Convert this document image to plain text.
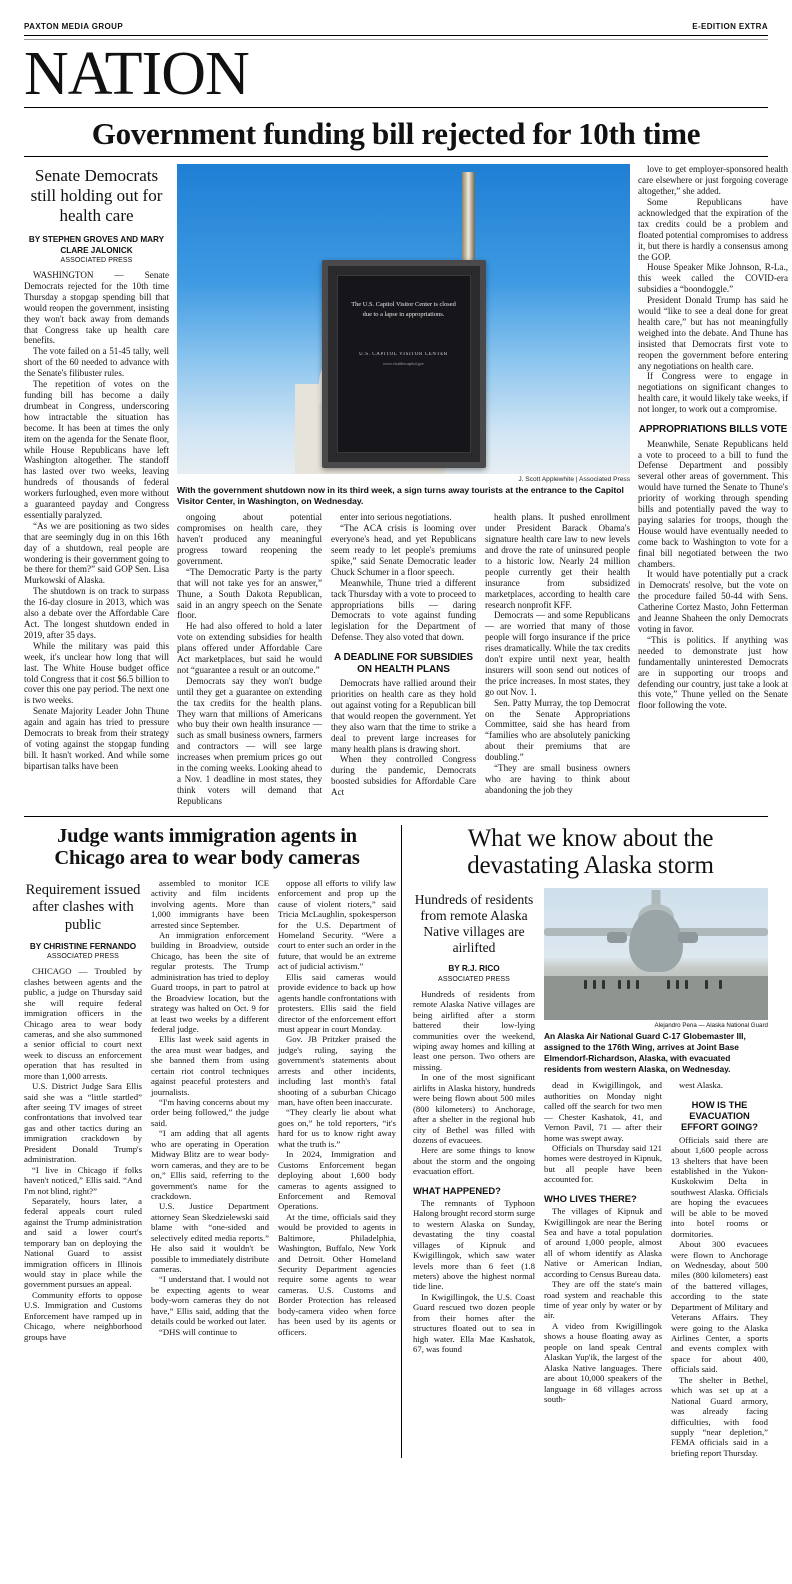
PAXTON MEDIA GROUP	E-EDITION EXTRA
NATION
Government funding bill rejected for 10th time
Senate Democrats still holding out for health care
BY STEPHEN GROVES AND MARY CLARE JALONICK
ASSOCIATED PRESS

WASHINGTON — Senate Democrats rejected for the 10th time Thursday a stopgap spending bill that would reopen the government, insisting they won't back away from demands that Congress take up health care benefits.

The vote failed on a 51-45 tally, well short of the 60 needed to advance with the Senate's filibuster rules.

The repetition of votes on the funding bill has become a daily drumbeat in Congress, underscoring how intractable the situation has become. It has been at times the only item on the agenda for the Senate floor, while House Republicans have left Washington altogether. The standoff has lasted over two weeks, leaving hundreds of thousands of federal workers furloughed, even more without a guaranteed payday and Congress essentially paralyzed.

“As we are positioning as two sides that are seemingly dug in on this 16th day of a shutdown, real people are wondering is their government going to be there for them?” said GOP Sen. Lisa Murkowski of Alaska.

The shutdown is on track to surpass the 16-day closure in 2013, which was also a debate over the Affordable Care Act. The longest shutdown ended in 2019, after 35 days.

While the military was paid this week, it's unclear how long that will last. The White House budget office told Congress that it cost $6.5 billion to cover this one pay period. The next one is two weeks.

Senate Majority Leader John Thune again and again has tried to pressure Democrats to break from their strategy of voting against the stopgap funding bill. It hasn't worked. And while some bipartisan talks have been

The U.S. Capitol Visitor Center is closed due to a lapse in appropriations.
U.S. CAPITOL VISITOR CENTER
www.visitthecapitol.gov
J. Scott Applewhite | Associated Press
With the government shutdown now in its third week, a sign turns away tourists at the entrance to the Capitol Visitor Center, in Washington, on Wednesday.

ongoing about potential compromises on health care, they haven't produced any meaningful progress toward reopening the government.

“The Democratic Party is the party that will not take yes for an answer,” Thune, a South Dakota Republican, said in an angry speech on the Senate floor.

He had also offered to hold a later vote on extending subsidies for health plans offered under Affordable Care Act marketplaces, but said he would not “guarantee a result or an outcome.”

Democrats say they won't budge until they get a guarantee on extending the tax credits for the health plans. They warn that millions of Americans who buy their own health insurance — such as small business owners, farmers and contractors — will see large increases when premium prices go out in the coming weeks. Looking ahead to a Nov. 1 deadline in most states, they think voters will demand that Republicans

enter into serious negotiations.

“The ACA crisis is looming over everyone's head, and yet Republicans seem ready to let people's premiums spike,” said Senate Democratic leader Chuck Schumer in a floor speech.

Meanwhile, Thune tried a different tack Thursday with a vote to proceed to appropriations bills — daring Democrats to vote against funding legislation for the Department of Defense. They also voted that down.

A DEADLINE FOR SUBSIDIES ON HEALTH PLANS

Democrats have rallied around their priorities on health care as they hold out against voting for a Republican bill that would reopen the government. Yet they also warn that the time to strike a deal to prevent large increases for many health plans is drawing short.

When they controlled Congress during the pandemic, Democrats boosted subsidies for Affordable Care Act

health plans. It pushed enrollment under President Barack Obama's signature health care law to new levels and drove the rate of uninsured people to a historic low. Nearly 24 million people currently get their health insurance from subsidized marketplaces, according to health care research nonprofit KFF.

Democrats — and some Republicans — are worried that many of those people will forgo insurance if the price rises dramatically. While the tax credits don't expire until next year, health insurers will soon send out notices of the price increases. In most states, they go out Nov. 1.

Sen. Patty Murray, the top Democrat on the Senate Appropriations Committee, said she has heard from “families who are absolutely panicking about their premiums that are doubling.”

“They are small business owners who are having to think about abandoning the job they

love to get employer-sponsored health care elsewhere or just forgoing coverage altogether,” she added.

Some Republicans have acknowledged that the expiration of the tax credits could be a problem and floated potential compromises to address it, but there is hardly a consensus among the GOP.

House Speaker Mike Johnson, R-La., this week called the COVID-era subsidies a “boondoggle.”

President Donald Trump has said he would “like to see a deal done for great health care,” but has not meaningfully weighed into the debate. And Thune has insisted that Democrats first vote to reopen the government before entering any negotiations on health care.

If Congress were to engage in negotiations on significant changes to health care, it would likely take weeks, if not longer, to work out a compromise.

APPROPRIATIONS BILLS VOTE

Meanwhile, Senate Republicans held a vote to proceed to a bill to fund the Defense Department and possibly several other areas of government. This would have turned the Senate to Thune's priority of working through spending bills and potentially paved the way to paying salaries for troops, though the House would have eventually needed to come back to Washington to vote for a final bill negotiated between the two chambers.

It would have potentially put a crack in Democrats' resolve, but the vote on the procedure failed 50-44 with Sens. Catherine Cortez Masto, John Fetterman and Jeanne Shaheen the only Democrats voting in favor.

“This is politics. If anything was needed to demonstrate just how fundamentally uninterested Democrats are in supporting our troops and defending our country, just take a look at this vote,” Thune yelled on the Senate floor following the vote.

Judge wants immigration agents in Chicago area to wear body cameras
Requirement issued after clashes with public
BY CHRISTINE FERNANDO
ASSOCIATED PRESS

CHICAGO — Troubled by clashes between agents and the public, a judge on Thursday said she will require federal immigration officers in the Chicago area to wear body cameras, and she also summoned a senior official to court next week to discuss an enforcement operation that has resulted in more than 1,000 arrests.

U.S. District Judge Sara Ellis said she was a “little startled” after seeing TV images of street confrontations that involved tear gas and other tactics during an immigration crackdown by President Donald Trump's administration.

“I live in Chicago if folks haven't noticed,” Ellis said. “And I'm not blind, right?”

Separately, hours later, a federal appeals court ruled against the Trump administration and said a lower court's temporary ban on deploying the National Guard to assist immigration officers in Illinois would stay in place while the government pursues an appeal.

Community efforts to oppose U.S. Immigration and Customs Enforcement have ramped up in Chicago, where neighborhood groups have

assembled to monitor ICE activity and film incidents involving agents. More than 1,000 immigrants have been arrested since September.

An immigration enforcement building in Broadview, outside Chicago, has been the site of regular protests. The Trump administration has tried to deploy Guard troops, in part to patrol at the Broadview location, but the strategy was halted on Oct. 9 for at least two weeks by a different federal judge.

Ellis last week said agents in the area must wear badges, and she banned them from using certain riot control techniques against peaceful protesters and journalists.

“I'm having concerns about my order being followed,” the judge said.

“I am adding that all agents who are operating in Operation Midway Blitz are to wear body-worn cameras, and they are to be on,” Ellis said, referring to the government's name for the crackdown.

U.S. Justice Department attorney Sean Skedzielewski said blame with “one-sided and selectively edited media reports.” He also said it wouldn't be possible to immediately distribute cameras.

“I understand that. I would not be expecting agents to wear body-worn cameras they do not have,” Ellis said, adding that the details could be worked out later.

“DHS will continue to

oppose all efforts to vilify law enforcement and prop up the cause of violent rioters,” said Tricia McLaughlin, spokesperson for the U.S. Department of Homeland Security. “Were a court to enter such an order in the future, that would be an extreme act of judicial activism.”

Ellis said cameras would provide evidence to back up how agents handle confrontations with protesters. Ellis said the field director of the enforcement effort must appear in court Monday.

Gov. JB Pritzker praised the judge's ruling, saying the government's statements about arrests and other incidents, including last month's fatal shooting of a suburban Chicago man, have often been inaccurate.

“They clearly lie about what goes on,” he told reporters, “it's hard for us to know right away what the truth is.”

In 2024, Immigration and Customs Enforcement began deploying about 1,600 body cameras to agents assigned to Enforcement and Removal Operations.

At the time, officials said they would be provided to agents in Baltimore, Philadelphia, Washington, Buffalo, New York and Detroit. Other Homeland Security Department agencies require some agents to wear cameras. U.S. Customs and Border Protection has released body-camera video when force has been used by its agents or officers.

What we know about the devastating Alaska storm
Hundreds of residents from remote Alaska Native villages are airlifted
BY R.J. RICO
ASSOCIATED PRESS

Hundreds of residents from remote Alaska Native villages are being airlifted after a storm battered their low-lying communities over the weekend, wiping away homes and killing at least one person. Two others are missing.

In one of the most significant airlifts in Alaska history, hundreds were being flown about 500 miles (800 kilometers) to Anchorage, after a shelter in the regional hub city of Bethel was filled with dozens of evacuees.

Here are some things to know about the storm and the ongoing evacuation effort.

WHAT HAPPENED?

The remnants of Typhoon Halong brought record storm surge to western Alaska on Sunday, devastating the tiny coastal villages of Kipnuk and Kwigillingok, which saw water levels more than 6 feet (1.8 meters) above the highest normal tide line.

In Kwigillingok, the U.S. Coast Guard rescued two dozen people from their homes after the structures floated out to sea in high water. Ella Mae Kashatok, 67, was found

Alejandro Pena — Alaska National Guard
An Alaska Air National Guard C-17 Globemaster III, assigned to the 176th Wing, arrives at Joint Base Elmendorf-Richardson, Alaska, with evacuated residents from western Alaska, on Wednesday.

dead in Kwigillingok, and authorities on Monday night called off the search for two men — Chester Kashatok, 41, and Vernon Pavil, 71 — after their home was swept away.

Officials on Thursday said 121 homes were destroyed in Kipnuk, but all people have been accounted for.

WHO LIVES THERE?

The villages of Kipnuk and Kwigillingok are near the Bering Sea and have a total population of around 1,000 people, almost all of whom identify as Alaska Native or American Indian, according to Census Bureau data.

They are off the state's main road system and reachable this time of year only by water or by air.

A video from Kwigillingok shows a house floating away as people on land speak Central Alaskan Yup'ik, the largest of the Alaska Native languages. There are about 10,000 speakers of the language in 68 villages across south-

west Alaska.

HOW IS THE EVACUATION EFFORT GOING?

Officials said there are about 1,600 people across 13 shelters that have been established in the Yukon-Kuskokwim Delta in southwest Alaska. Officials are hoping the evacuees will be able to be moved into hotel rooms or dormitories.

About 300 evacuees were flown to Anchorage on Wednesday, about 500 miles (800 kilometers) east of the battered villages, according to the state Department of Military and Veterans Affairs. They were going to the Alaska Airlines Center, a sports and events complex with space for about 400, officials said.

The shelter in Bethel, which was set up at a National Guard armory, was already facing difficulties, with food supply “near depletion,” FEMA officials said in a briefing report Thursday.
